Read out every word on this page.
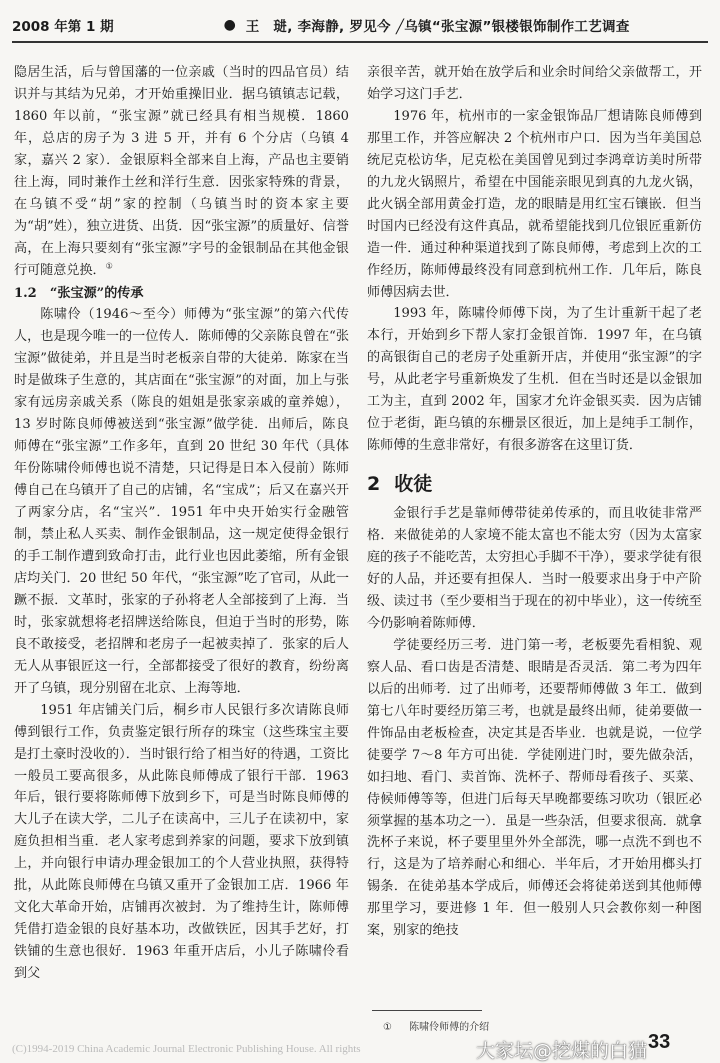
2008 年第 1 期	● 王　琎, 李海静, 罗见今 ╱乌镇“张宝源”银楼银饰制作工艺调查

隐居生活，后与曾国藩的一位亲戚（当时的四品官员）结识并与其结为兄弟，才开始重操旧业．据乌镇镇志记载，1860 年以前，“张宝源”就已经具有相当规模．1860 年，总店的房子为 3 进 5 开，并有 6 个分店（乌镇 4 家，嘉兴 2 家）．金银原料全部来自上海，产品也主要销往上海，同时兼作土丝和洋行生意．因张家特殊的背景，在乌镇不受“胡”家的控制（乌镇当时的资本家主要为“胡”姓），独立进货、出货．因“张宝源”的质量好、信誉高，在上海只要刻有“张宝源”字号的金银制品在其他金银行可随意兑换．①

1.2　“张宝源”的传承

陈啸伶（1946～至今）师傅为“张宝源”的第六代传人，也是现今唯一的一位传人．陈师傅的父亲陈良曾在“张宝源”做徒弟，并且是当时老板亲自带的大徒弟．陈家在当时是做珠子生意的，其店面在“张宝源”的对面，加上与张家有远房亲戚关系（陈良的姐姐是张家亲戚的童养媳），13 岁时陈良师傅被送到“张宝源”做学徒．出师后，陈良师傅在“张宝源”工作多年，直到 20 世纪 30 年代（具体年份陈啸伶师傅也说不清楚，只记得是日本入侵前）陈师傅自己在乌镇开了自己的店铺，名“宝成”；后又在嘉兴开了两家分店，名“宝兴”．1951 年中央开始实行金融管制，禁止私人买卖、制作金银制品，这一规定使得金银行的手工制作遭到致命打击，此行业也因此萎缩，所有金银店均关门．20 世纪 50 年代，“张宝源”吃了官司，从此一蹶不振．文革时，张家的子孙将老人全部接到了上海．当时，张家就想将老招牌送给陈良，但迫于当时的形势，陈良不敢接受，老招牌和老房子一起被卖掉了．张家的后人无人从事银匠这一行，全部都接受了很好的教育，纷纷离开了乌镇，现分别留在北京、上海等地．

1951 年店铺关门后，桐乡市人民银行多次请陈良师傅到银行工作，负责鉴定银行所存的珠宝（这些珠宝主要是打土豪时没收的）．当时银行给了相当好的待遇，工资比一般员工要高很多，从此陈良师傅成了银行干部．1963 年后，银行要将陈师傅下放到乡下，可是当时陈良师傅的大儿子在读大学，二儿子在读高中，三儿子在读初中，家庭负担相当重．老人家考虑到养家的问题，要求下放到镇上，并向银行申请办理金银加工的个人营业执照，获得特批，从此陈良师傅在乌镇又重开了金银加工店．1966 年文化大革命开始，店铺再次被封．为了维持生计，陈师傅凭借打造金银的良好基本功，改做铁匠，因其手艺好，打铁铺的生意也很好．1963 年重开店后，小儿子陈啸伶看到父

亲很辛苦，就开始在放学后和业余时间给父亲做帮工，开始学习这门手艺．

1976 年，杭州市的一家金银饰品厂想请陈良师傅到那里工作，并答应解决 2 个杭州市户口．因为当年美国总统尼克松访华，尼克松在美国曾见到过李鸿章访美时所带的九龙火锅照片，希望在中国能亲眼见到真的九龙火锅，此火锅全部用黄金打造，龙的眼睛是用红宝石镶嵌．但当时国内已经没有这件真品，就希望能找到几位银匠重新仿造一件．通过种种渠道找到了陈良师傅，考虑到上次的工作经历，陈师傅最终没有同意到杭州工作．几年后，陈良师傅因病去世．

1993 年，陈啸伶师傅下岗，为了生计重新干起了老本行，开始到乡下帮人家打金银首饰．1997 年，在乌镇的高银街自己的老房子处重新开店，并使用“张宝源”的字号，从此老字号重新焕发了生机．但在当时还是以金银加工为主，直到 2002 年，国家才允许金银买卖．因为店铺位于老街，距乌镇的东栅景区很近，加上是纯手工制作，陈师傅的生意非常好，有很多游客在这里订货．

2 收徒

金银行手艺是靠师傅带徒弟传承的，而且收徒非常严格．来做徒弟的人家境不能太富也不能太穷（因为太富家庭的孩子不能吃苦，太穷担心手脚不干净），要求学徒有很好的人品，并还要有担保人．当时一般要求出身于中产阶级、读过书（至少要相当于现在的初中毕业），这一传统至今仍影响着陈师傅．

学徒要经历三考．进门第一考，老板要先看相貌、观察人品、看口齿是否清楚、眼睛是否灵活．第二考为四年以后的出师考．过了出师考，还要帮师傅做 3 年工．做到第七八年时要经历第三考，也就是最终出师，徒弟要做一件饰品由老板检查，决定其是否毕业．也就是说，一位学徒要学 7～8 年方可出徒．学徒刚进门时，要先做杂活，如扫地、看门、卖首饰、洗杯子、帮师母看孩子、买菜、侍候师傅等等，但进门后每天早晚都要练习吹功（银匠必须掌握的基本功之一）．虽是一些杂活，但要求很高．就拿洗杯子来说，杯子要里里外外全部洗，哪一点洗不到也不行，这是为了培养耐心和细心．半年后，才开始用榔头打锡条．在徒弟基本学成后，师傅还会将徒弟送到其他师傅那里学习，要进修 1 年．但一般别人只会教你刻一种图案，别家的绝技

① 陈啸伶师傅的介绍
(C)1994-2019 China Academic Journal Electronic Publishing House. All rights	大家坛@挖煤的白猫 33
